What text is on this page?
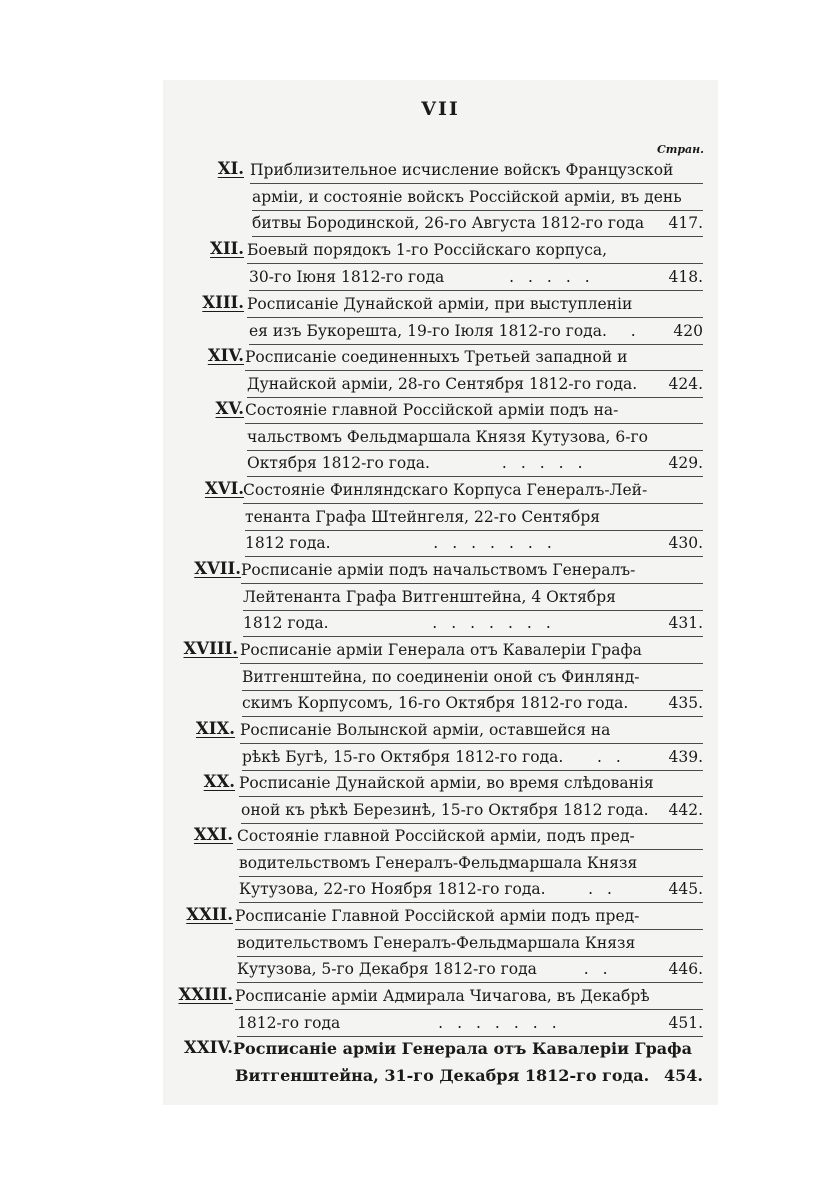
VII
Стран.
XI. Приблизительное исчисление войскъ Французской
арміи, и состояніе войскъ Россійской арміи, въ день
битвы Бородинской, 26-го Августа 1812-го года 417.
XII. Боевый порядокъ 1-го Россійскаго корпуса,
30-го Іюня 1812-го года	.....	418.
XIII. Росписаніе Дунайской арміи, при выступленіи
ея изъ Букорешта, 19-го Іюля 1812-го года.	.	420
XIV. Росписаніе соединенныхъ Третьей западной и
Дунайской арміи, 28-го Сентября 1812-го года. 424.
XV. Состояніе главной Россійской арміи подъ на-
чальствомъ Фельдмаршала Князя Кутузова, 6-го
Октября 1812-го года.	.....	429.
XVI. Состояніе Финляндскаго Корпуса Генералъ-Лей-
тенанта Графа Штейнгеля, 22-го Сентября
1812 года.	.......	430.
XVII. Росписаніе арміи подъ начальствомъ Генералъ-
Лейтенанта Графа Витгенштейна, 4 Октября
1812 года.	.......	431.
XVIII. Росписаніе арміи Генерала отъ Кавалеріи Графа
Витгенштейна, по соединеніи оной съ Финлянд-
скимъ Корпусомъ, 16-го Октября 1812-го года.	435.
XIX. Росписаніе Волынской арміи, оставшейся на
рѣкѣ Бугѣ, 15-го Октября 1812-го года.	..	439.
XX. Росписаніе Дунайской арміи, во время слѣдованія
оной къ рѣкѣ Березинѣ, 15-го Октября 1812 года. 442.
XXI. Состояніе главной Россійской арміи, подъ пред-
водительствомъ Генералъ-Фельдмаршала Князя
Кутузова, 22-го Ноября 1812-го года.	..	445.
XXII. Росписаніе Главной Россійской арміи подъ пред-
водительствомъ Генералъ-Фельдмаршала Князя
Кутузова, 5-го Декабря 1812-го года	..	446.
XXIII. Росписаніе арміи Адмирала Чичагова, въ Декабрѣ
1812-го года	.......	451.
XXIV. Росписаніе арміи Генерала отъ Кавалеріи Графа
Витгенштейна, 31-го Декабря 1812-го года. 454.
